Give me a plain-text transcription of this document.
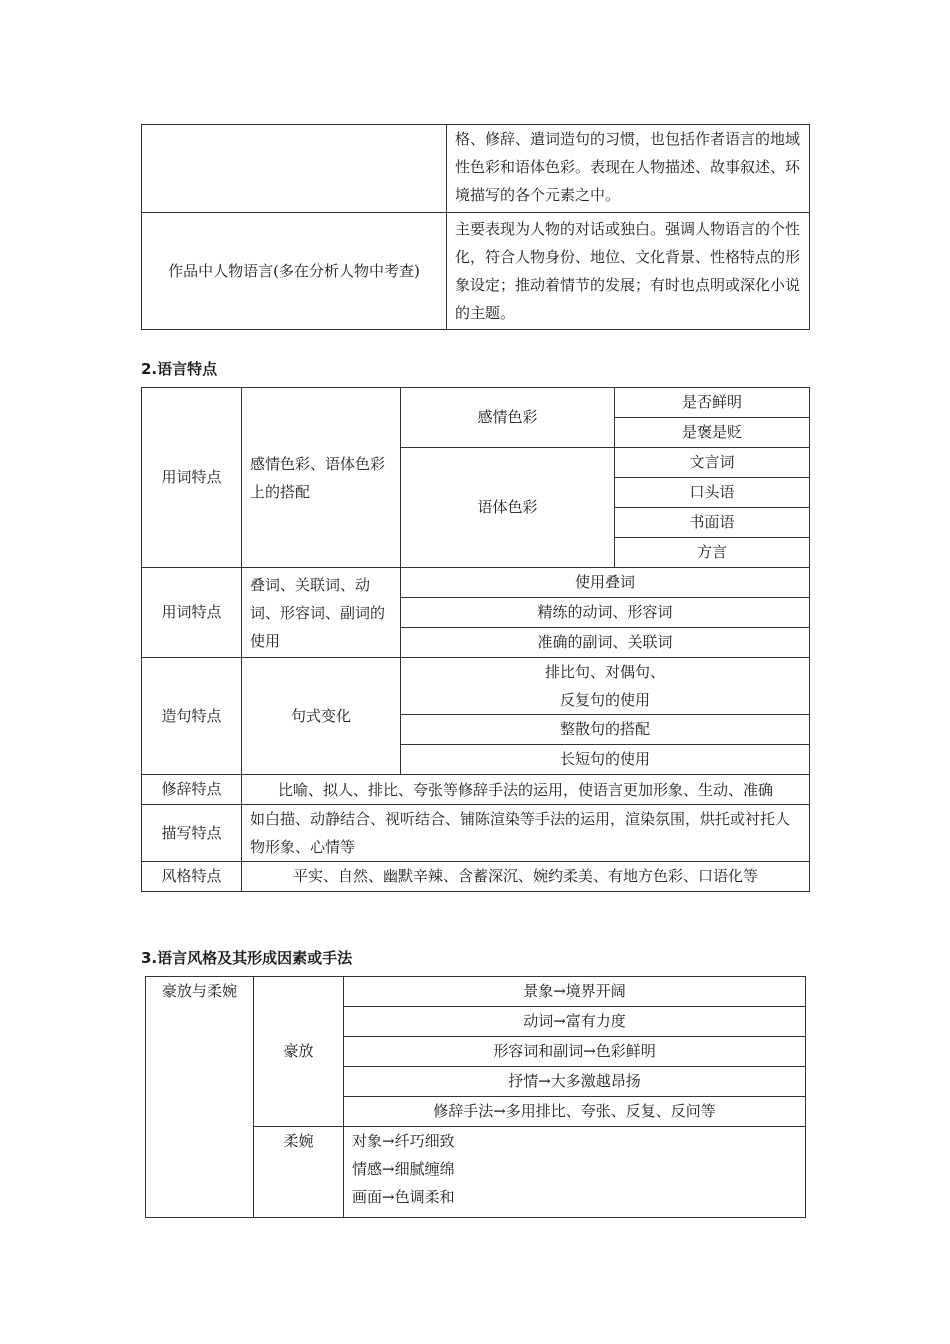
	格、修辞、遣词造句的习惯，也包括作者语言的地域性色彩和语体色彩。表现在人物描述、故事叙述、环境描写的各个元素之中。
作品中人物语言(多在分析人物中考查)	主要表现为人物的对话或独白。强调人物语言的个性化，符合人物身份、地位、文化背景、性格特点的形象设定；推动着情节的发展；有时也点明或深化小说的主题。
2.语言特点
用词特点	感情色彩、语体色彩上的搭配	感情色彩	是否鲜明
			是褒是贬
		语体色彩	文言词
			口头语
			书面语
			方言
用词特点	叠词、关联词、动词、形容词、副词的使用	使用叠词	
		精练的动词、形容词	
		准确的副词、关联词	
造句特点	句式变化	排比句、对偶句、
反复句的使用	

		整散句的搭配	
		长短句的使用	
修辞特点	比喻、拟人、排比、夸张等修辞手法的运用，使语言更加形象、生动、准确		
描写特点	如白描、动静结合、视听结合、铺陈渲染等手法的运用，渲染氛围，烘托或衬托人物形象、心情等		
风格特点	平实、自然、幽默辛辣、含蓄深沉、婉约柔美、有地方色彩、口语化等		
3.语言风格及其形成因素或手法
豪放与柔婉	豪放	景象→境界开阔
		动词→富有力度
		形容词和副词→色彩鲜明
		抒情→大多激越昂扬
		修辞手法→多用排比、夸张、反复、反问等
	柔婉	对象→纤巧细致
		情感→细腻缠绵
		画面→色调柔和
